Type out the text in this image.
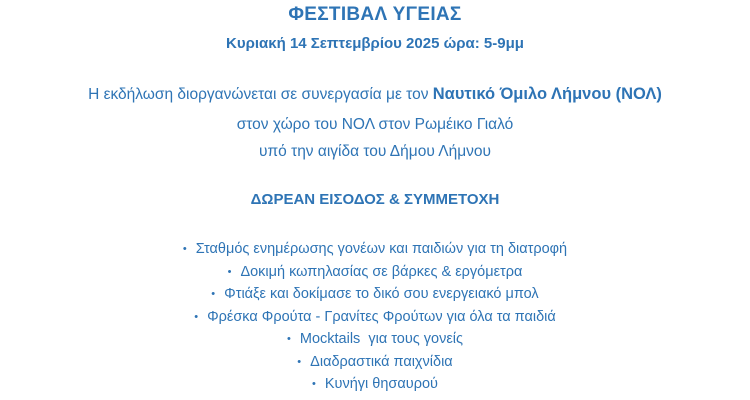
ΦΕΣΤΙΒΑΛ ΥΓΕΙΑΣ
Κυριακή 14 Σεπτεμβρίου 2025 ώρα: 5-9μμ
Η εκδήλωση διοργανώνεται σε συνεργασία με τον Ναυτικό Όμιλο Λήμνου (ΝΟΛ)
στον χώρο του ΝΟΛ στον Ρωμέικο Γιαλό
υπό την αιγίδα του Δήμου Λήμνου
ΔΩΡΕΑΝ ΕΙΣΟΔΟΣ & ΣΥΜΜΕΤΟΧΗ
• Σταθμός ενημέρωσης γονέων και παιδιών για τη διατροφή
• Δοκιμή κωπηλασίας σε βάρκες & εργόμετρα
• Φτιάξε και δοκίμασε το δικό σου ενεργειακό μπολ
• Φρέσκα Φρούτα - Γρανίτες Φρούτων για όλα τα παιδιά
• Mocktails  για τους γονείς
• Διαδραστικά παιχνίδια
• Κυνήγι θησαυρού
